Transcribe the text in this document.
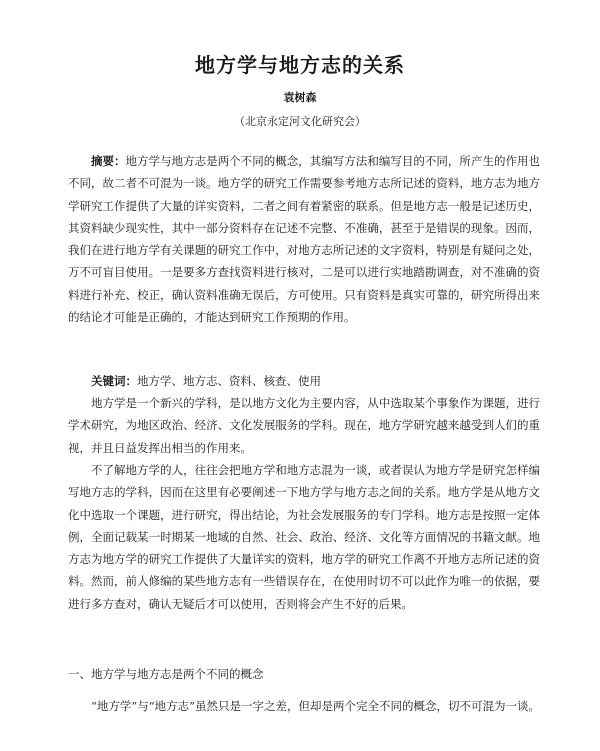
地方学与地方志的关系
袁树森
（北京永定河文化研究会）

摘要：地方学与地方志是两个不同的概念，其编写方法和编写目的不同，所产生的作用也不同，故二者不可混为一谈。地方学的研究工作需要参考地方志所记述的资料，地方志为地方学研究工作提供了大量的详实资料，二者之间有着紧密的联系。但是地方志一般是记述历史，其资料缺少现实性，其中一部分资料存在记述不完整、不准确，甚至于是错误的现象。因而，我们在进行地方学有关课题的研究工作中，对地方志所记述的文字资料，特别是有疑问之处，万不可盲目使用。一是要多方查找资料进行核对，二是可以进行实地踏勘调查，对不准确的资料进行补充、校正，确认资料准确无误后，方可使用。只有资料是真实可靠的，研究所得出来的结论才可能是正确的，才能达到研究工作预期的作用。

关键词：地方学、地方志、资料、核查、使用

地方学是一个新兴的学科，是以地方文化为主要内容，从中选取某个事象作为课题，进行学术研究，为地区政治、经济、文化发展服务的学科。现在，地方学研究越来越受到人们的重视，并且日益发挥出相当的作用来。

不了解地方学的人，往往会把地方学和地方志混为一谈，或者误认为地方学是研究怎样编写地方志的学科，因而在这里有必要阐述一下地方学与地方志之间的关系。地方学是从地方文化中选取一个课题，进行研究，得出结论，为社会发展服务的专门学科。地方志是按照一定体例，全面记载某一时期某一地域的自然、社会、政治、经济、文化等方面情况的书籍文献。地方志为地方学的研究工作提供了大量详实的资料，地方学的研究工作离不开地方志所记述的资料。然而，前人修编的某些地方志有一些错误存在，在使用时切不可以此作为唯一的依据，要进行多方查对，确认无疑后才可以使用，否则将会产生不好的后果。

一、地方学与地方志是两个不同的概念

“地方学”与“地方志”虽然只是一字之差，但却是两个完全不同的概念，切不可混为一谈。
